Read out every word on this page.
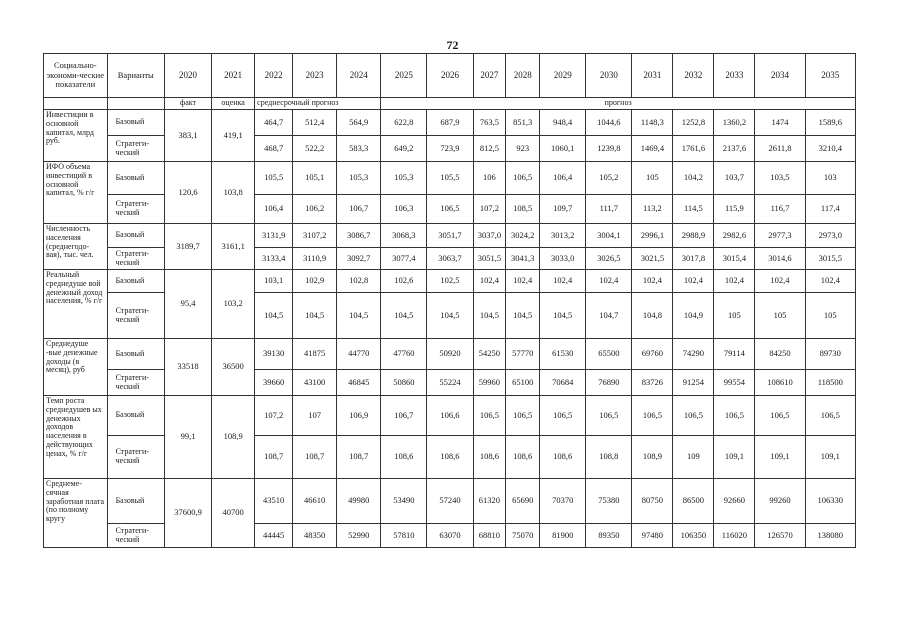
72
Социально-экономи-ческие показатели	Варианты	2020	2021	2022	2023	2024	2025	2026	2027	2028	2029	2030	2031	2032	2033	2034	2035
		факт	оценка	среднесрочный прогноз			прогноз										
Инвестиции в основной капитал, млрд руб.	Базовый	383,1	419,1	464,7	512,4	564,9	622,8	687,9	763,5	851,3	948,4	1044,6	1148,3	1252,8	1360,2	1474	1589,6
	Стратеги-ческий			468,7	522,2	583,3	649,2	723,9	812,5	923	1060,1	1239,8	1469,4	1761,6	2137,6	2611,8	3210,4
ИФО объема инвестиций в основной капитал, % г/г	Базовый	120,6	103,8	105,5	105,1	105,3	105,3	105,5	106	106,5	106,4	105,2	105	104,2	103,7	103,5	103
	Стратеги-ческий			106,4	106,2	106,7	106,3	106,5	107,2	108,5	109,7	111,7	113,2	114,5	115,9	116,7	117,4
Численность населения (среднегодо-вая), тыс. чел.	Базовый	3189,7	3161,1	3131,9	3107,2	3086,7	3068,3	3051,7	3037,0	3024,2	3013,2	3004,1	2996,1	2988,9	2982,6	2977,3	2973,0
	Стратеги-ческий			3133,4	3110,9	3092,7	3077,4	3063,7	3051,5	3041,3	3033,0	3026,5	3021,5	3017,8	3015,4	3014,6	3015,5
Реальный среднедуше вой денежный доход населения, % г/г	Базовый	95,4	103,2	103,1	102,9	102,8	102,6	102,5	102,4	102,4	102,4	102,4	102,4	102,4	102,4	102,4	102,4
	Стратеги-ческий			104,5	104,5	104,5	104,5	104,5	104,5	104,5	104,5	104,7	104,8	104,9	105	105	105
Среднедуше -вые денежные доходы (в месяц), руб	Базовый	33518	36500	39130	41875	44770	47760	50920	54250	57770	61530	65500	69760	74290	79114	84250	89730
	Стратеги-ческий			39660	43100	46845	50860	55224	59960	65100	70684	76890	83726	91254	99554	108610	118500
Темп роста среднедушев ых денежных доходов населения в действующих ценах, % г/г	Базовый	99,1	108,9	107,2	107	106,9	106,7	106,6	106,5	106,5	106,5	106,5	106,5	106,5	106,5	106,5	106,5
	Стратеги-ческий			108,7	108,7	108,7	108,6	108,6	108,6	108,6	108,6	108,8	108,9	109	109,1	109,1	109,1
Среднеме-сячная заработная плата (по полному кругу	Базовый	37600,9	40700	43510	46610	49980	53490	57240	61320	65690	70370	75380	80750	86500	92660	99260	106330
	Стратеги-ческий			44445	48350	52990	57810	63070	68810	75070	81900	89350	97480	106350	116020	126570	138080
